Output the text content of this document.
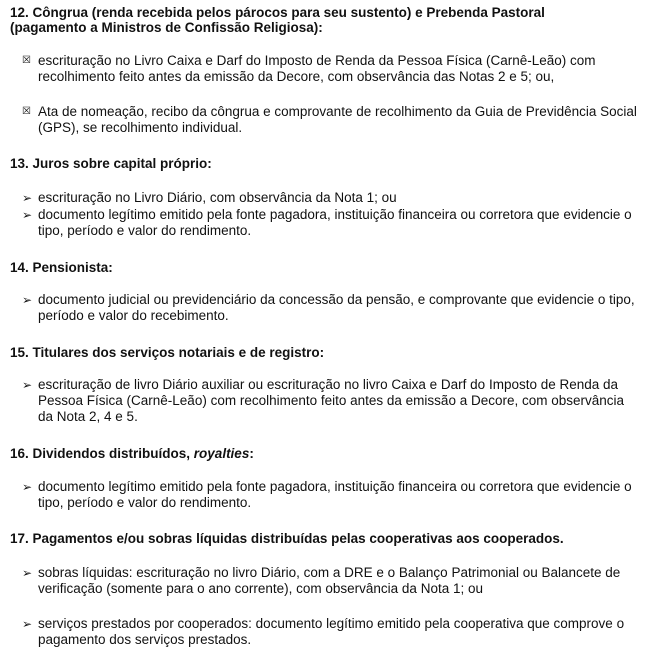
12. Côngrua (renda recebida pelos párocos para seu sustento) e Prebenda Pastoral
(pagamento a Ministros de Confissão Religiosa):
☒ escrituração no Livro Caixa e Darf do Imposto de Renda da Pessoa Física (Carnê-Leão) com recolhimento feito antes da emissão da Decore, com observância das Notas 2 e 5; ou,
☒ Ata de nomeação, recibo da côngrua e comprovante de recolhimento da Guia de Previdência Social (GPS), se recolhimento individual.
13. Juros sobre capital próprio:
➢ escrituração no Livro Diário, com observância da Nota 1; ou
➢ documento legítimo emitido pela fonte pagadora, instituição financeira ou corretora que evidencie o tipo, período e valor do rendimento.
14. Pensionista:
➢ documento judicial ou previdenciário da concessão da pensão, e comprovante que evidencie o tipo, período e valor do recebimento.
15. Titulares dos serviços notariais e de registro:
➢ escrituração de livro Diário auxiliar ou escrituração no livro Caixa e Darf do Imposto de Renda da Pessoa Física (Carnê-Leão) com recolhimento feito antes da emissão a Decore, com observância da Nota 2, 4 e 5.
16. Dividendos distribuídos, royalties:
➢ documento legítimo emitido pela fonte pagadora, instituição financeira ou corretora que evidencie o tipo, período e valor do rendimento.
17. Pagamentos e/ou sobras líquidas distribuídas pelas cooperativas aos cooperados.
➢ sobras líquidas: escrituração no livro Diário, com a DRE e o Balanço Patrimonial ou Balancete de verificação (somente para o ano corrente), com observância da Nota 1; ou
➢ serviços prestados por cooperados: documento legítimo emitido pela cooperativa que comprove o pagamento dos serviços prestados.
